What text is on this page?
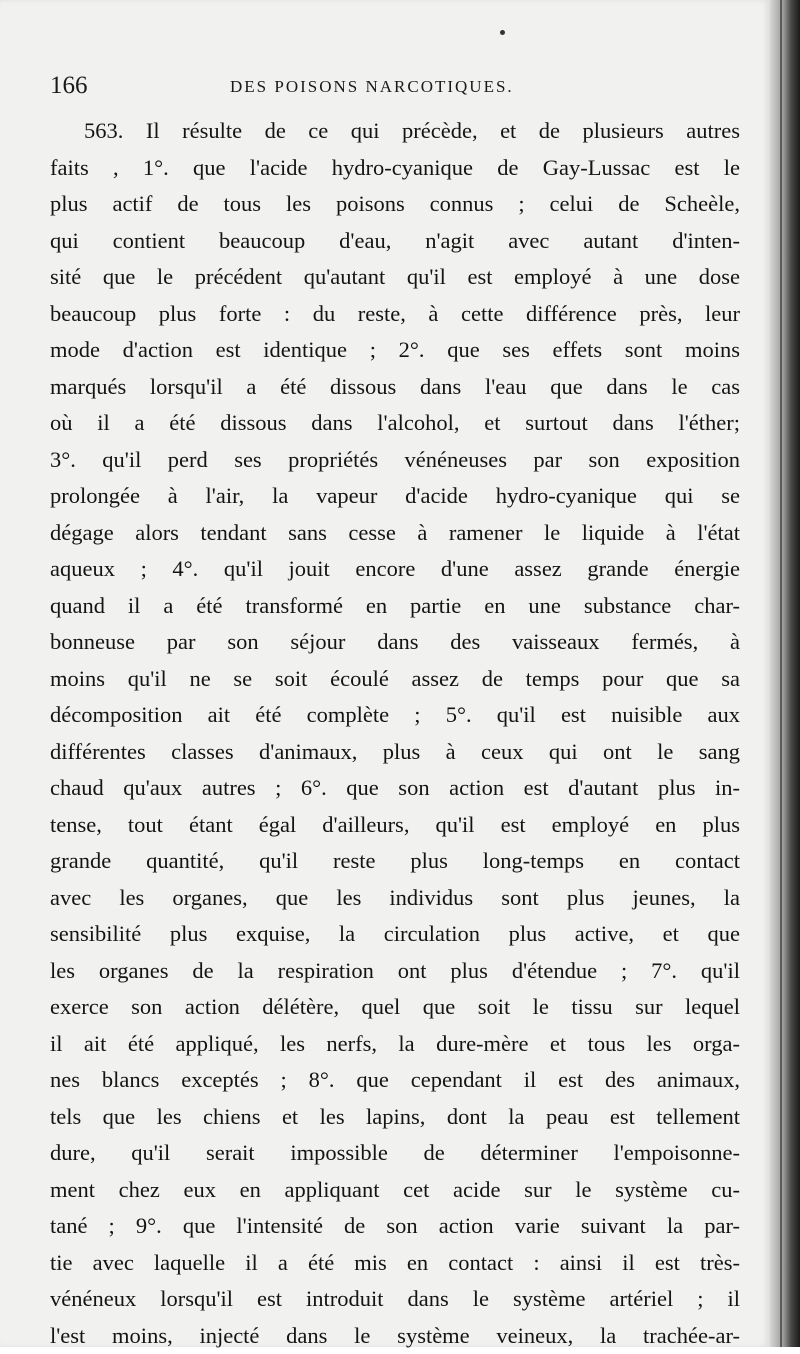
166	DES POISONS NARCOTIQUES.
563. Il résulte de ce qui précède, et de plusieurs autres
faits , 1°. que l'acide hydro-cyanique de Gay-Lussac est le
plus actif de tous les poisons connus ; celui de Scheèle,
qui contient beaucoup d'eau, n'agit avec autant d'inten-
sité que le précédent qu'autant qu'il est employé à une dose
beaucoup plus forte : du reste, à cette différence près, leur
mode d'action est identique ; 2°. que ses effets sont moins
marqués lorsqu'il a été dissous dans l'eau que dans le cas
où il a été dissous dans l'alcohol, et surtout dans l'éther;
3°. qu'il perd ses propriétés vénéneuses par son exposition
prolongée à l'air, la vapeur d'acide hydro-cyanique qui se
dégage alors tendant sans cesse à ramener le liquide à l'état
aqueux ; 4°. qu'il jouit encore d'une assez grande énergie
quand il a été transformé en partie en une substance char-
bonneuse par son séjour dans des vaisseaux fermés, à
moins qu'il ne se soit écoulé assez de temps pour que sa
décomposition ait été complète ; 5°. qu'il est nuisible aux
différentes classes d'animaux, plus à ceux qui ont le sang
chaud qu'aux autres ; 6°. que son action est d'autant plus in-
tense, tout étant égal d'ailleurs, qu'il est employé en plus
grande quantité, qu'il reste plus long-temps en contact
avec les organes, que les individus sont plus jeunes, la
sensibilité plus exquise, la circulation plus active, et que
les organes de la respiration ont plus d'étendue ; 7°. qu'il
exerce son action délétère, quel que soit le tissu sur lequel
il ait été appliqué, les nerfs, la dure-mère et tous les orga-
nes blancs exceptés ; 8°. que cependant il est des animaux,
tels que les chiens et les lapins, dont la peau est tellement
dure, qu'il serait impossible de déterminer l'empoisonne-
ment chez eux en appliquant cet acide sur le système cu-
tané ; 9°. que l'intensité de son action varie suivant la par-
tie avec laquelle il a été mis en contact : ainsi il est très-
vénéneux lorsqu'il est introduit dans le système artériel ; il
l'est moins, injecté dans le système veineux, la trachée-ar-
